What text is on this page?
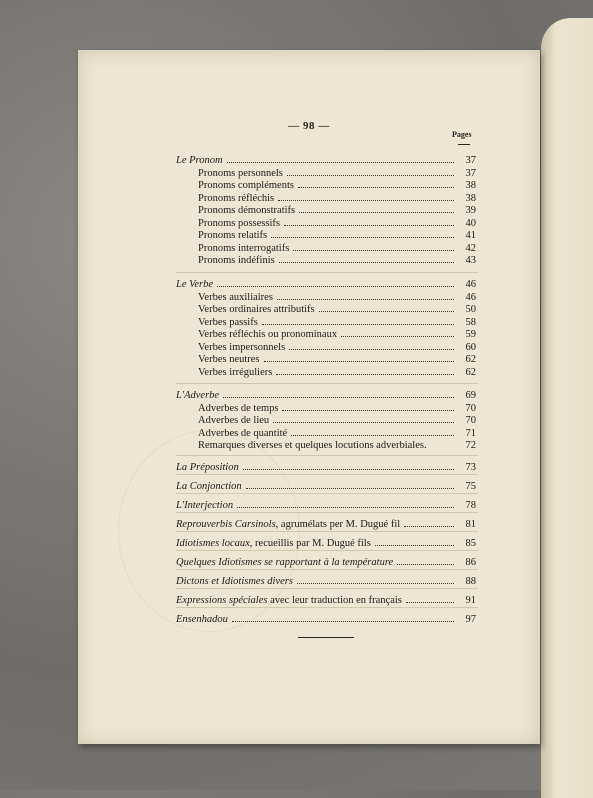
— 98 —
Pages
Le Pronom	37
Pronoms personnels	37
Pronoms compléments	38
Pronoms réfléchis	38
Pronoms démonstratifs	39
Pronoms possessifs	40
Pronoms relatifs	41
Pronoms interrogatifs	42
Pronoms indéfinis	43
Le Verbe	46
Verbes auxiliaires	46
Verbes ordinaires attributifs	50
Verbes passifs	58
Verbes réfléchis ou pronominaux	59
Verbes impersonnels	60
Verbes neutres	62
Verbes irréguliers	62
L'Adverbe	69
Adverbes de temps	70
Adverbes de lieu	70
Adverbes de quantité	71
Remarques diverses et quelques locutions adverbiales.	72
La Préposition	73
La Conjonction	75
L'Interjection	78
Reprouverbis Carsinols, agrumélats per M. Dugué fil	81
Idiotismes locaux, recueillis par M. Dugué fils	85
Quelques Idiotismes se rapportant à la température	86
Dictons et Idiotismes divers	88
Expressions spéciales avec leur traduction en français	91
Ensenhadou	97
